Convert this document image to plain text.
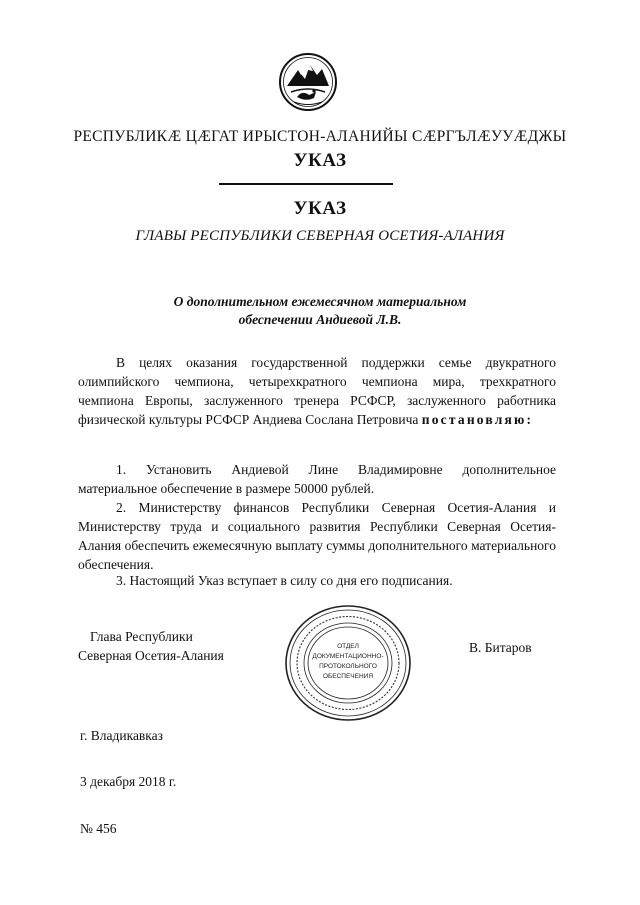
РЕСПУБЛИКӔ ЦӔГАТ ИРЫСТОН-АЛАНИЙЫ СӔРГЪЛӔУУӔДЖЫ
УКАЗ
УКАЗ
ГЛАВЫ РЕСПУБЛИКИ СЕВЕРНАЯ ОСЕТИЯ-АЛАНИЯ
О дополнительном ежемесячном материальном
обеспечении Андиевой Л.В.
В целях оказания государственной поддержки семье двукратного олимпийского чемпиона, четырехкратного чемпиона мира, трехкратного чемпиона Европы, заслуженного тренера РСФСР, заслуженного работника физической культуры РСФСР Андиева Сослана Петровича постановляю:
1. Установить Андиевой Лине Владимировне дополнительное материальное обеспечение в размере 50000 рублей.
2. Министерству финансов Республики Северная Осетия-Алания и Министерству труда и социального развития Республики Северная Осетия-Алания обеспечить ежемесячную выплату суммы дополнительного материального обеспечения.
3. Настоящий Указ вступает в силу со дня его подписания.
Глава Республики
Северная Осетия-Алания
ОТДЕЛ
ДОКУМЕНТАЦИОННО-
ПРОТОКОЛЬНОГО
ОБЕСПЕЧЕНИЯ
В. Битаров
г. Владикавказ
3 декабря 2018 г.
№ 456
